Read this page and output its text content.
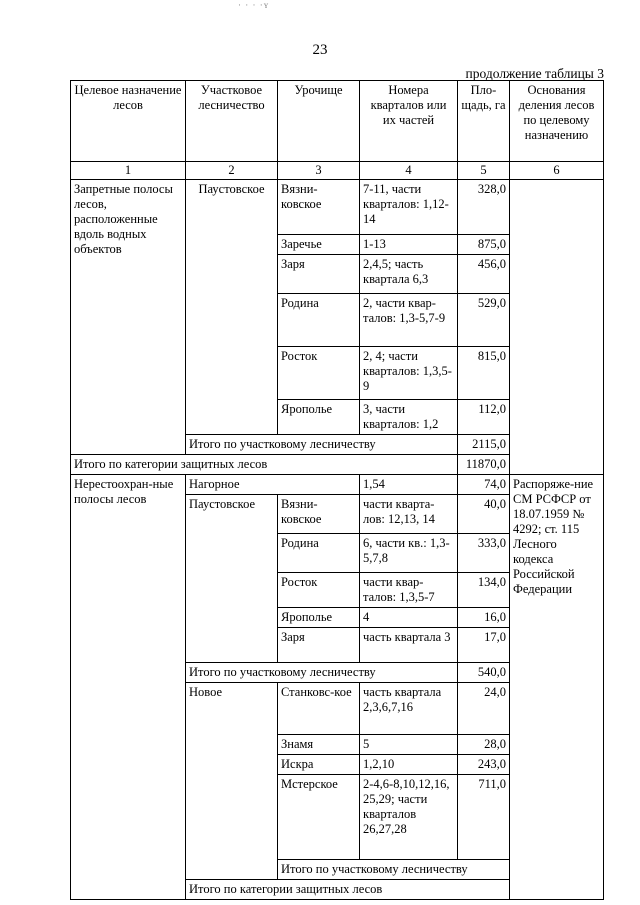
· · · ·ʏ
23
продолжение таблицы 3
Целевое назначение лесов	Участковое лесничество	Урочище	Номера кварталов или их частей	Пло-щадь, га	Основания деления лесов по целевому назначению	
1	2	3	4	5	6	
Запретные полосы лесов, расположенные вдоль водных объектов	Паустовское	Вязни-ковское	7-11, части кварталов: 1,12-14	328,0		
		Заречье	1-13	875,0		
		Заря	2,4,5; часть квартала 6,3	456,0		
		Родина	2, части квар-талов: 1,3-5,7-9	529,0		
		Росток	2, 4; части кварталов: 1,3,5-9	815,0		
		Ярополье	3, части кварталов: 1,2	112,0		
	Итого по участковому лесничеству			2115,0		
Итого по категории защитных лесов				11870,0		
Нерестоохран-ные полосы лесов	Нагорное		1,54	74,0	Распоряже-ние СМ РСФСР от 18.07.1959 № 4292; ст. 115 Лесного кодекса Российской Федерации	
	Паустовское	Вязни-ковское	части кварта-лов: 12,13, 14	40,0		
		Родина	6, части кв.: 1,3-5,7,8	333,0		
		Росток	части квар-талов: 1,3,5-7	134,0		
		Ярополье	4	16,0		
		Заря	часть квартала 3	17,0		
	Итого по участковому лесничеству			540,0		
	Новое	Станковс-кое	часть квартала 2,3,6,7,16	24,0		
		Знамя	5	28,0		
		Искра	1,2,10	243,0		
		Мстерское	2-4,6-8,10,12,16, 25,29; части кварталов 26,27,28	711,0		
		Итого по участковому лесничеству	
	Итого по категории защитных лесов	
